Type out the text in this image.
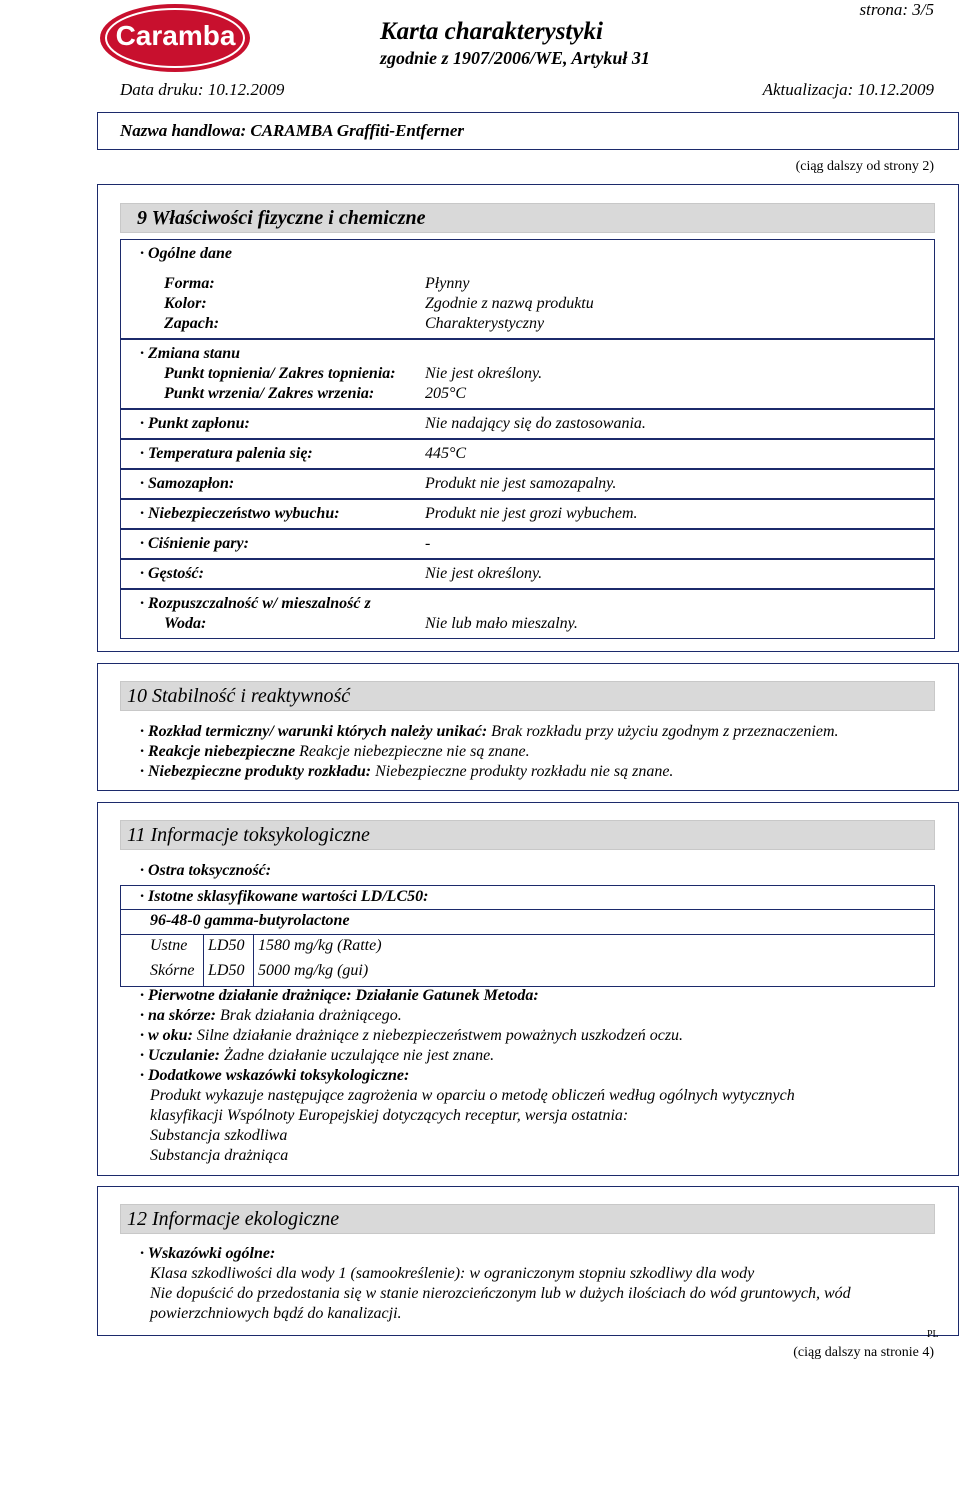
Caramba
strona: 3/5
Karta charakterystyki
zgodnie z 1907/2006/WE, Artykuł 31
Data druku: 10.12.2009	Aktualizacja: 10.12.2009
Nazwa handlowa: CARAMBA Graffiti-Entferner
(ciąg dalszy od strony 2)
9 Właściwości fizyczne i chemiczne
· Ogólne dane
Forma:	Płynny
Kolor:	Zgodnie z nazwą produktu
Zapach:	Charakterystyczny
· Zmiana stanu
Punkt topnienia/ Zakres topnienia: Nie jest określony.
Punkt wrzenia/ Zakres wrzenia:	205°C
· Punkt zapłonu:	Nie nadający się do zastosowania.
· Temperatura palenia się:	445°C
· Samozapłon:	Produkt nie jest samozapalny.
· Niebezpieczeństwo wybuchu:	Produkt nie jest grozi wybuchem.
· Ciśnienie pary:	-
· Gęstość:	Nie jest określony.
· Rozpuszczalność w/ mieszalność z
Woda:	Nie lub mało mieszalny.
10 Stabilność i reaktywność
· Rozkład termiczny/ warunki których należy unikać: Brak rozkładu przy użyciu zgodnym z przeznaczeniem.
· Reakcje niebezpieczne Reakcje niebezpieczne nie są znane.
· Niebezpieczne produkty rozkładu: Niebezpieczne produkty rozkładu nie są znane.
11 Informacje toksykologiczne
· Ostra toksyczność:
· Istotne sklasyfikowane wartości LD/LC50:
96-48-0 gamma-butyrolactone
Ustne LD50 1580 mg/kg (Ratte)
Skórne LD50 5000 mg/kg (gui)
· Pierwotne działanie drażniące: Działanie Gatunek Metoda:
· na skórze: Brak działania drażniącego.
· w oku: Silne działanie drażniące z niebezpieczeństwem poważnych uszkodzeń oczu.
· Uczulanie: Żadne działanie uczulające nie jest znane.
· Dodatkowe wskazówki toksykologiczne:
Produkt wykazuje następujące zagrożenia w oparciu o metodę obliczeń według ogólnych wytycznych
klasyfikacji Wspólnoty Europejskiej dotyczących receptur, wersja ostatnia:
Substancja szkodliwa
Substancja drażniąca
12 Informacje ekologiczne
· Wskazówki ogólne:
Klasa szkodliwości dla wody 1 (samookreślenie): w ograniczonym stopniu szkodliwy dla wody
Nie dopuścić do przedostania się w stanie nierozcieńczonym lub w dużych ilościach do wód gruntowych, wód
powierzchniowych bądź do kanalizacji.
PL
(ciąg dalszy na stronie 4)
